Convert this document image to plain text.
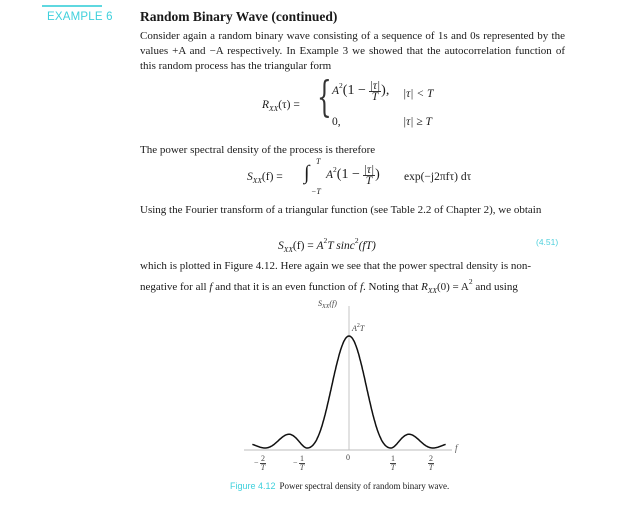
EXAMPLE 6 Random Binary Wave (continued)
Consider again a random binary wave consisting of a sequence of 1s and 0s represented by the values +A and −A respectively. In Example 3 we showed that the autocorrelation function of this random process has the triangular form
$R_{XX}(\tau)$ = { $A^2(1 - \frac{|\tau|}{T}$ ), |τ| < T
0,	|τ| ≥ T
The power spectral density of the process is therefore
$S_{XX}(f)$ = ∫
T
−T
$A^2(1 - \frac{|\tau|}{T}$ ) exp(−j2πfτ) dτ
Using the Fourier transform of a triangular function (see Table 2.2 of Chapter 2), we obtain
$S_{XX}(f) = A^2T$ sinc$^2$(fT)	(4.51)
which is plotted in Figure 4.12. Here again we see that the power spectral density is non-
negative for all f and that it is an even function of f. Noting that $R_{XX}(0) = A^2$ and using
$S_{XX}(f)$
$A^2T$
f
− 2
T
− 1
T
0	1
T
2
T
Figure 4.12 Power spectral density of random binary wave.
